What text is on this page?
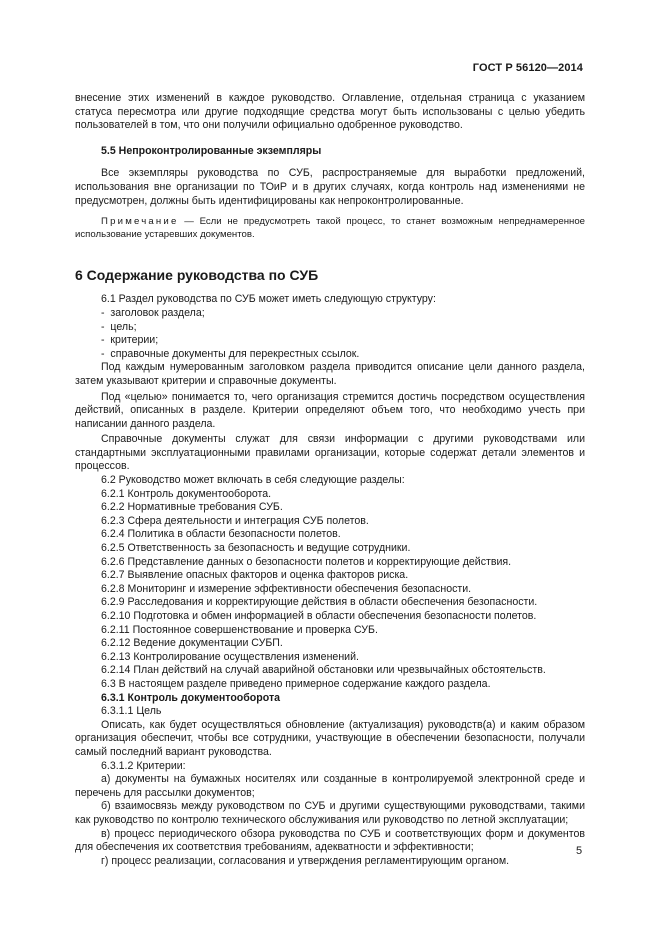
ГОСТ Р 56120—2014

внесение этих изменений в каждое руководство. Оглавление, отдельная страница с указанием статуса пересмотра или другие подходящие средства могут быть использованы с целью убедить пользователей в том, что они получили официально одобренное руководство.

5.5 Непроконтролированные экземпляры

Все экземпляры руководства по СУБ, распространяемые для выработки предложений, использования вне организации по ТОиР и в других случаях, когда контроль над изменениями не предусмотрен, должны быть идентифицированы как непроконтролированные.

Примечание — Если не предусмотреть такой процесс, то станет возможным непреднамеренное использование устаревших документов.

6 Содержание руководства по СУБ

6.1 Раздел руководства по СУБ может иметь следующую структуру:

-  заголовок раздела;

-  цель;

-  критерии;

-  справочные документы для перекрестных ссылок.

Под каждым нумерованным заголовком раздела приводится описание цели данного раздела, затем указывают критерии и справочные документы.

Под «целью» понимается то, чего организация стремится достичь посредством осуществления действий, описанных в разделе. Критерии определяют объем того, что необходимо учесть при написании данного раздела.

Справочные документы служат для связи информации с другими руководствами или стандартными эксплуатационными правилами организации, которые содержат детали элементов и процессов.

6.2 Руководство может включать в себя следующие разделы:

6.2.1 Контроль документооборота.

6.2.2 Нормативные требования СУБ.

6.2.3 Сфера деятельности и интеграция СУБ полетов.

6.2.4 Политика в области безопасности полетов.

6.2.5 Ответственность за безопасность и ведущие сотрудники.

6.2.6 Представление данных о безопасности полетов и корректирующие действия.

6.2.7 Выявление опасных факторов и оценка факторов риска.

6.2.8 Мониторинг и измерение эффективности обеспечения безопасности.

6.2.9 Расследования и корректирующие действия в области обеспечения безопасности.

6.2.10 Подготовка и обмен информацией в области обеспечения безопасности полетов.

6.2.11 Постоянное совершенствование и проверка СУБ.

6.2.12 Ведение документации СУБП.

6.2.13 Контролирование осуществления изменений.

6.2.14 План действий на случай аварийной обстановки или чрезвычайных обстоятельств.

6.3 В настоящем разделе приведено примерное содержание каждого раздела.

6.3.1 Контроль документооборота

6.3.1.1 Цель

Описать, как будет осуществляться обновление (актуализация) руководств(а) и каким образом организация обеспечит, чтобы все сотрудники, участвующие в обеспечении безопасности, получали самый последний вариант руководства.

6.3.1.2 Критерии:

а) документы на бумажных носителях или созданные в контролируемой электронной среде и перечень для рассылки документов;

б) взаимосвязь между руководством по СУБ и другими существующими руководствами, такими как руководство по контролю технического обслуживания или руководство по летной эксплуатации;

в) процесс периодического обзора руководства по СУБ и соответствующих форм и документов для обеспечения их соответствия требованиям, адекватности и эффективности;

г) процесс реализации, согласования и утверждения регламентирующим органом.

5
